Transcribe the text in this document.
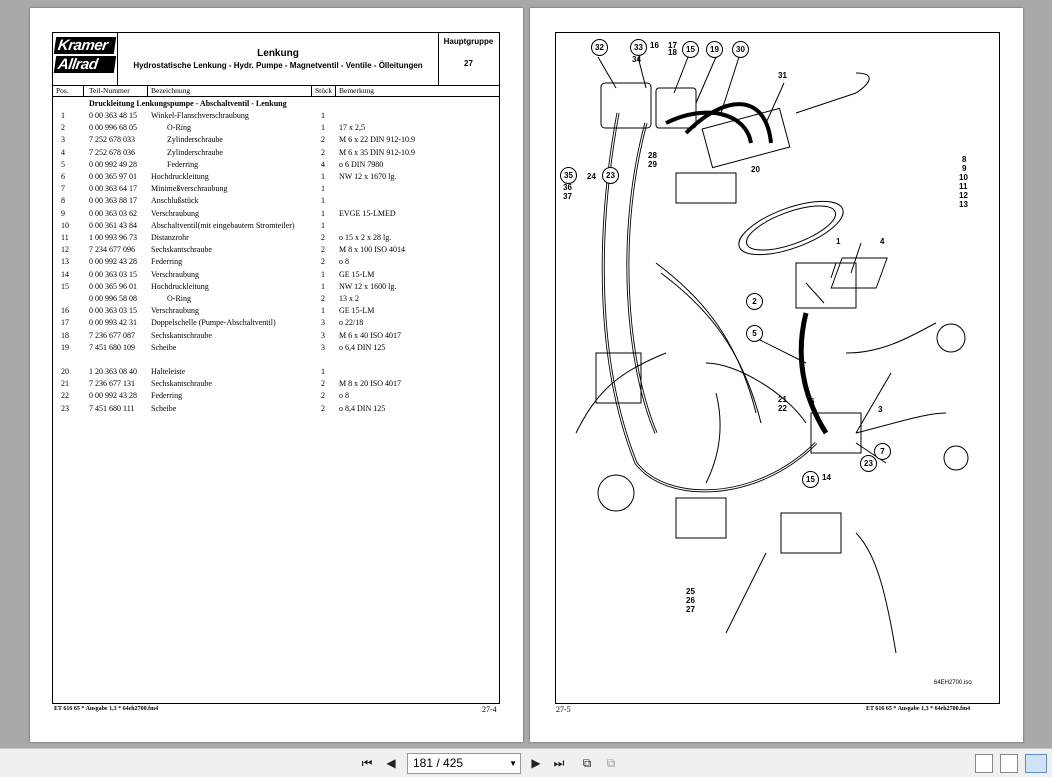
Kramer
Allrad
Lenkung
Hydrostatische Lenkung - Hydr. Pumpe - Magnetventil - Ventile - Ölleitungen
Hauptgruppe
27
Pos.	Teil-Nummer	Bezeichnung	Stück Bemerkung
Druckleitung Lenkungspumpe - Abschaltventil - Lenkung
1	0 00 363 48 15 Winkel-Flanschverschraubung	1
2	0 00 996 68 05	O-Ring	1 17 x 2,5
3	7 252 678 033	Zylinderschraube	2 M 6 x 22 DIN 912-10.9
4	7 252 678 036	Zylinderschraube	2 M 6 x 35 DIN 912-10.9
5	0 00 992 49 28	Federring	4 ο 6 DIN 7980
6	0 00 365 97 01 Hochdruckleitung	1 NW 12 x 1670 lg.
7	0 00 363 64 17 Minimeßverschraubung	1
8	0 00 363 88 17 Anschlußstück	1
9	0 00 363 03 62 Verschraubung	1 EVGE 15-LMED
10	0 00 361 43 84 Abschaltventil(mit eingebautem Stromteiler)	1
11	1 00 993 96 73 Distanzrohr	2 ο 15 x 2 x 28 lg.
12	7 234 677 096 Sechskantschraube	2 M 8 x 100 ISO 4014
13	0 00 992 43 28 Federring	2 ο 8
14	0 00 363 03 15 Verschraubung	1 GE 15-LM
15	0 00 365 96 01 Hochdruckleitung	1 NW 12 x 1600 lg.
0 00 996 58 08	O-Ring	2 13 x 2
16	0 00 363 03 15 Verschraubung	1 GE 15-LM
17	0 00 993 42 31 Doppelschelle (Pumpe-Abschaltventil)	3 ο 22/18
18	7 236 677 087 Sechskantschraube	3 M 6 x 40 ISO 4017
19	7 451 680 109 Scheibe	3 ο 6,4 DIN 125
20	1 20 363 08 40 Halteleiste	1
21	7 236 677 131 Sechskantschraube	2 M 8 x 20 ISO 4017
22	0 00 992 43 28 Federring	2 ο 8
23	7 451 680 111 Scheibe	2 ο 8,4 DIN 125
ET 616 65 * Ausgabe 1,3 * 64eh2700.fm4	27-4
32	33	15	19	30
35	23
7
15
23
16 17
18
34
31
28
29
20
24
36
37
8
9
10
11
12
13
1	4
2
5
21
22
6
3
14
25
26
27
64EH2700.iso
27-5	ET 616 65 * Ausgabe 1,3 * 64eh2700.fm4
⏮	◀	181 / 425	▼	▶	⏭	⧉	⧉
